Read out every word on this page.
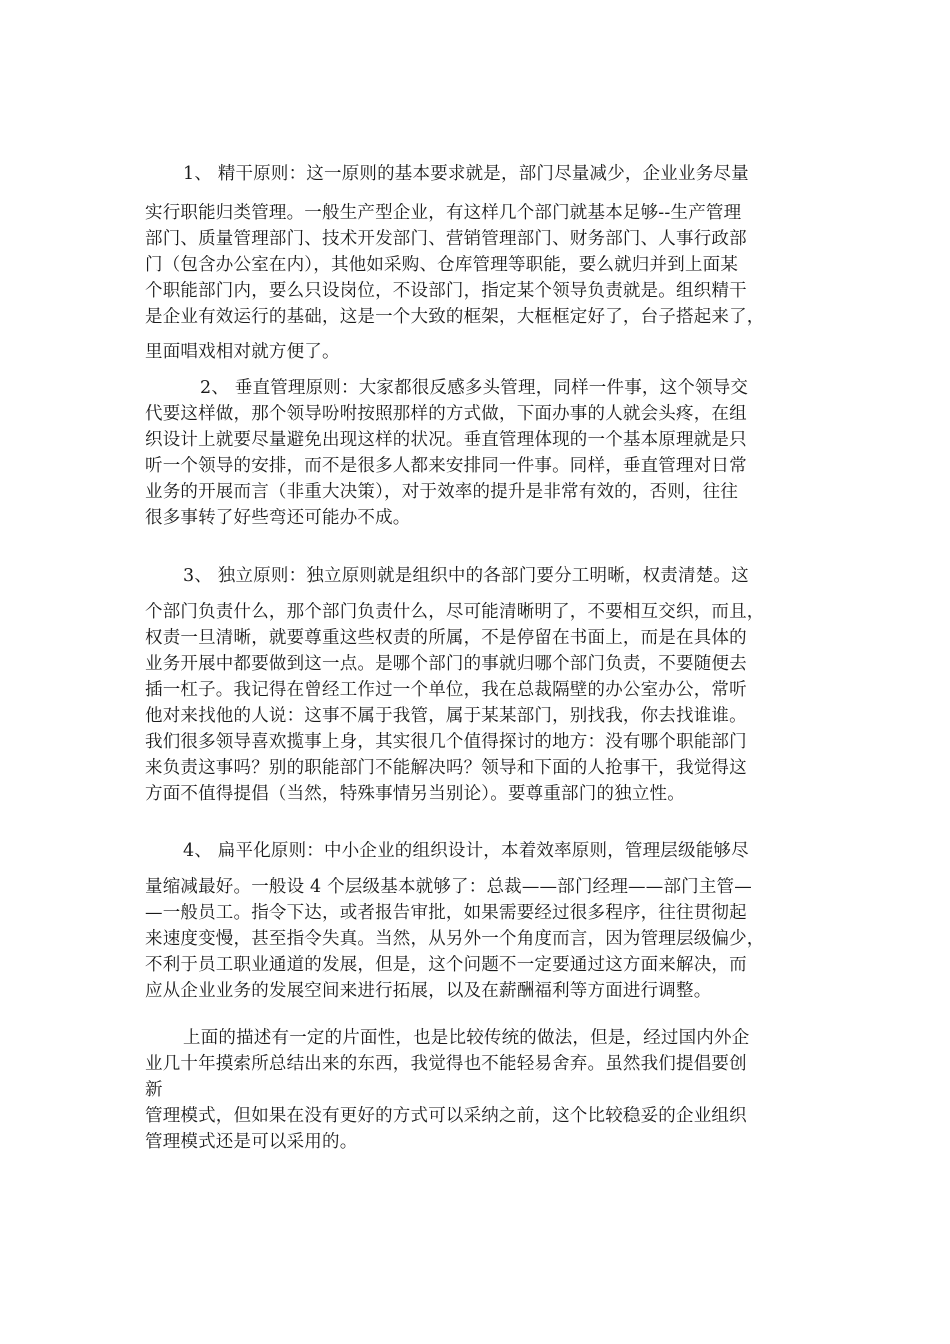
1、 精干原则：这一原则的基本要求就是，部门尽量减少，企业业务尽量
实行职能归类管理。一般生产型企业，有这样几个部门就基本足够--生产管理
部门、质量管理部门、技术开发部门、营销管理部门、财务部门、人事行政部
门（包含办公室在内），其他如采购、仓库管理等职能，要么就归并到上面某
个职能部门内，要么只设岗位，不设部门，指定某个领导负责就是。组织精干
是企业有效运行的基础，这是一个大致的框架，大框框定好了，台子搭起来了，
里面唱戏相对就方便了。
2、 垂直管理原则：大家都很反感多头管理，同样一件事，这个领导交
代要这样做，那个领导吩咐按照那样的方式做，下面办事的人就会头疼，在组
织设计上就要尽量避免出现这样的状况。垂直管理体现的一个基本原理就是只
听一个领导的安排，而不是很多人都来安排同一件事。同样，垂直管理对日常
业务的开展而言（非重大决策），对于效率的提升是非常有效的，否则，往往
很多事转了好些弯还可能办不成。
3、 独立原则：独立原则就是组织中的各部门要分工明晰，权责清楚。这
个部门负责什么，那个部门负责什么，尽可能清晰明了，不要相互交织，而且，
权责一旦清晰，就要尊重这些权责的所属，不是停留在书面上，而是在具体的
业务开展中都要做到这一点。是哪个部门的事就归哪个部门负责，不要随便去
插一杠子。我记得在曾经工作过一个单位，我在总裁隔壁的办公室办公，常听
他对来找他的人说：这事不属于我管，属于某某部门，别找我，你去找谁谁。
我们很多领导喜欢揽事上身，其实很几个值得探讨的地方：没有哪个职能部门
来负责这事吗？别的职能部门不能解决吗？领导和下面的人抢事干，我觉得这
方面不值得提倡（当然，特殊事情另当别论）。要尊重部门的独立性。
4、 扁平化原则：中小企业的组织设计，本着效率原则，管理层级能够尽
量缩减最好。一般设 4 个层级基本就够了：总裁——部门经理——部门主管—
—一般员工。指令下达，或者报告审批，如果需要经过很多程序，往往贯彻起
来速度变慢，甚至指令失真。当然，从另外一个角度而言，因为管理层级偏少，
不利于员工职业通道的发展，但是，这个问题不一定要通过这方面来解决，而
应从企业业务的发展空间来进行拓展，以及在薪酬福利等方面进行调整。
上面的描述有一定的片面性，也是比较传统的做法，但是，经过国内外企
业几十年摸索所总结出来的东西，我觉得也不能轻易舍弃。虽然我们提倡要创
新
管理模式，但如果在没有更好的方式可以采纳之前，这个比较稳妥的企业组织
管理模式还是可以采用的。
